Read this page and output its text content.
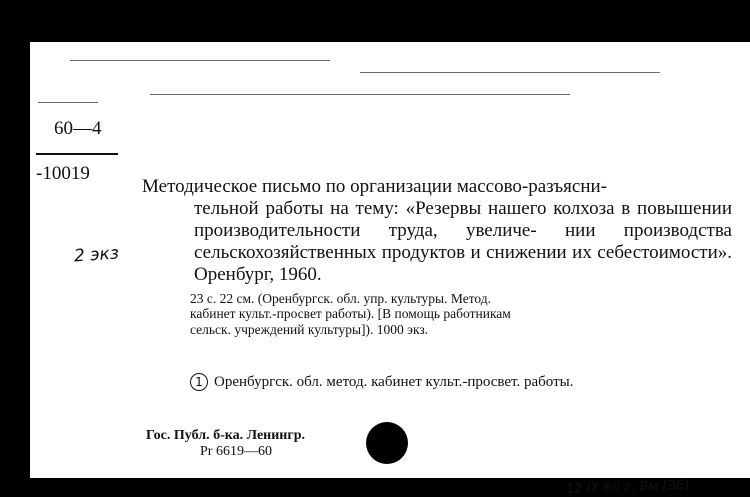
60—4
-10019
2 экз
Методическое письмо по организации массово-разъясни-
тельной работы на тему: «Резервы нашего колхоза в повышении производительности труда, увеличе- нии производства сельскохозяйственных продуктов и снижении их себестоимости». Оренбург, 1960.
23 с. 22 см. (Оренбургск. обл. упр. культуры. Метод.
кабинет культ.-просвет работы). [В помощь работникам
сельск. учреждений культуры]). 1000 экз.
1 Оренбургск. обл. метод. кабинет культ.-просвет. работы.
Гос. Публ. б-ка. Ленингр.
Pr 6619—60
12 IX 60 г. Вм [ЭЕ]
